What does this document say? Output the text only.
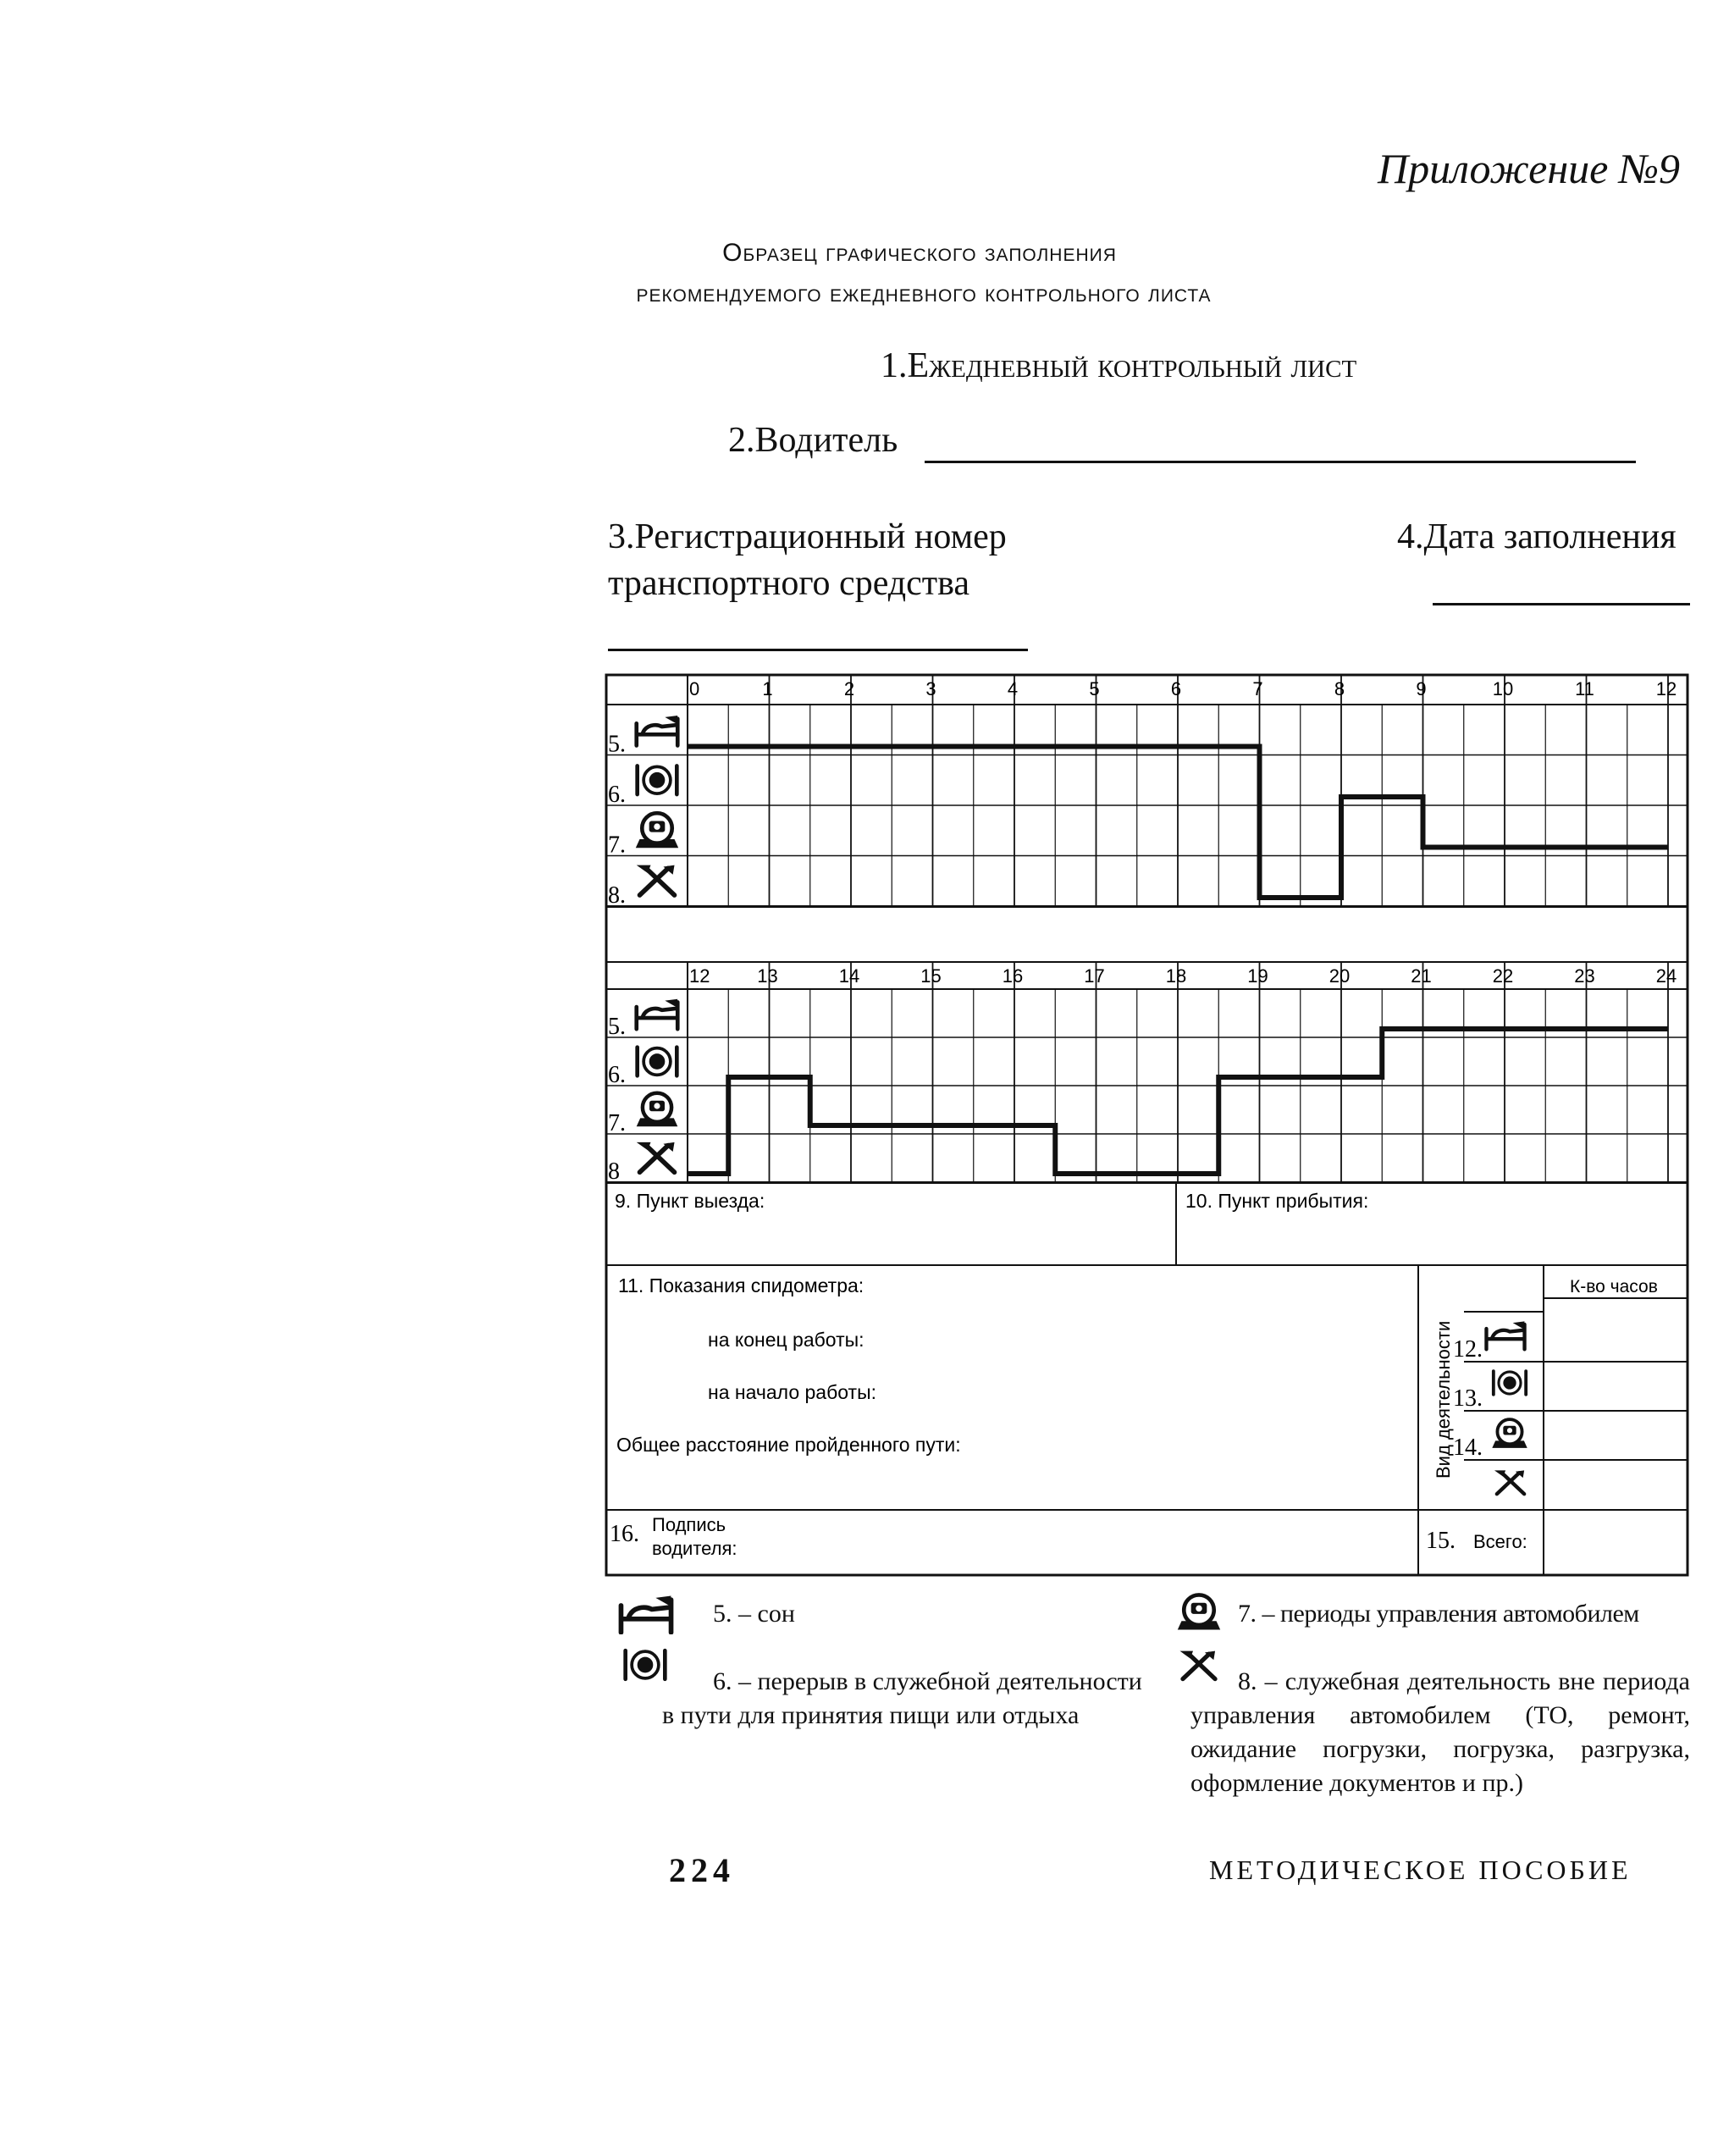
Приложение №9
Образец графического заполнения
рекомендуемого ежедневного контрольного листа
1.Ежедневный контрольный лист
2.Водитель
3.Регистрационный номер
транспортного средства
4.Дата заполнения
0	1	2	3	4	5	6	7	8	9	10	11	12
5.
6.
7.
8.
12	13	14	15	16	17	18	19	20	21	22	23	24
5.
6.
7.
8
9. Пункт выезда:	10. Пункт прибытия:
11. Показания спидометра:
на конец работы:
на начало работы:
Общее расстояние пройденного пути:
К-во часов
Вид деятельности 12.
13.
14.
16. Подпись
водителя:	15. Всего:
5. – сон
6. – перерыв в служебной деятельности в пути для принятия пищи или отдыха
7. – периоды управления автомобилем
8. – служебная деятельность вне периода управления автомобилем (ТО, ремонт, ожидание погрузки, погрузка, разгрузка, оформление документов и пр.)
224	МЕТОДИЧЕСКОЕ ПОСОБИЕ
